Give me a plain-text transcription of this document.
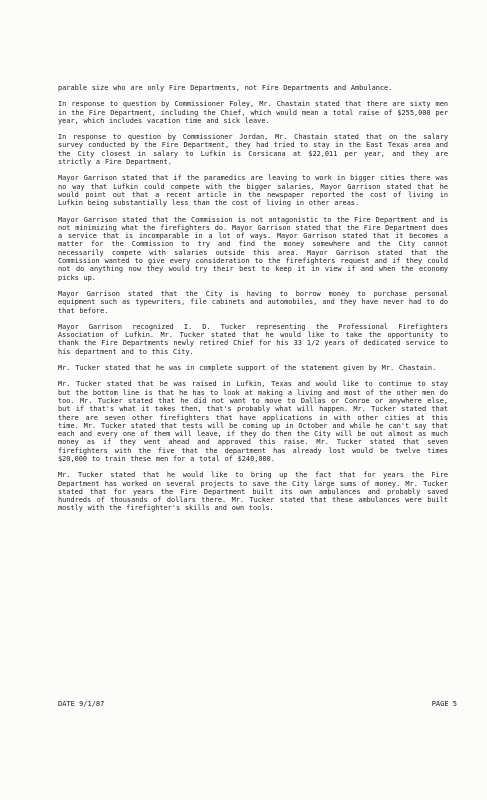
parable size who are only Fire Departments, not Fire Departments and Ambulance.

In response to question by Commissioner Foley, Mr. Chastain stated that there are sixty men in the Fire Department, including the Chief, which would mean a total raise of $255,000 per year, which includes vacation time and sick leave.

In response to question by Commissioner Jordan, Mr. Chastain stated that on the salary survey conducted by the Fire Department, they had tried to stay in the East Texas area and the City closest in salary to Lufkin is Corsicana at $22,011 per year, and they are strictly a Fire Department.

Mayor Garrison stated that if the paramedics are leaving to work in bigger cities there was no way that Lufkin could compete with the bigger salaries. Mayor Garrison stated that he would point out that a recent article in the newspaper reported the cost of living in Lufkin being substantially less than the cost of living in other areas.

Mayor Garrison stated that the Commission is not antagonistic to the Fire Department and is not minimizing what the firefighters do. Mayor Garrison stated that the Fire Department does a service that is incomparable in a lot of ways. Mayor Garrison stated that it becomes a matter for the Commission to try and find the money somewhere and the City cannot necessarily compete with salaries outside this area. Mayor Garrison stated that the Commission wanted to give every consideration to the firefighters request and if they could not do anything now they would try their best to keep it in view if and when the economy picks up.

Mayor Garrison stated that the City is having to borrow money to purchase personal equipment such as typewriters, file cabinets and automobiles, and they have never had to do that before.

Mayor Garrison recognized I. D. Tucker representing the Professional Firefighters Association of Lufkin. Mr. Tucker stated that he would like to take the opportunity to thank the Fire Departments newly retired Chief for his 33 1/2 years of dedicated service to his department and to this City.

Mr. Tucker stated that he was in complete support of the statement given by Mr. Chastain.

Mr. Tucker stated that he was raised in Lufkin, Texas and would like to continue to stay but the bottom line is that he has to look at making a living and most of the other men do too. Mr. Tucker stated that he did not want to move to Dallas or Conroe or anywhere else, but if that's what it takes then, that's probably what will happen. Mr. Tucker stated that there are seven other firefighters that have applications in with other cities at this time. Mr. Tucker stated that tests will be coming up in October and while he can't say that each and every one of them will leave, if they do then the City will be out almost as much money as if they went ahead and approved this raise. Mr. Tucker stated that seven firefighters with the five that the department has already lost would be twelve times $20,000 to train these men for a total of $240,000.

Mr. Tucker stated that he would like to bring up the fact that for years the Fire Department has worked on several projects to save the City large sums of money. Mr. Tucker stated that for years the Fire Department built its own ambulances and probably saved hundreds of thousands of dollars there. Mr. Tucker stated that these ambulances were built mostly with the firefighter's skills and own tools.

DATE 9/1/87	PAGE 5
